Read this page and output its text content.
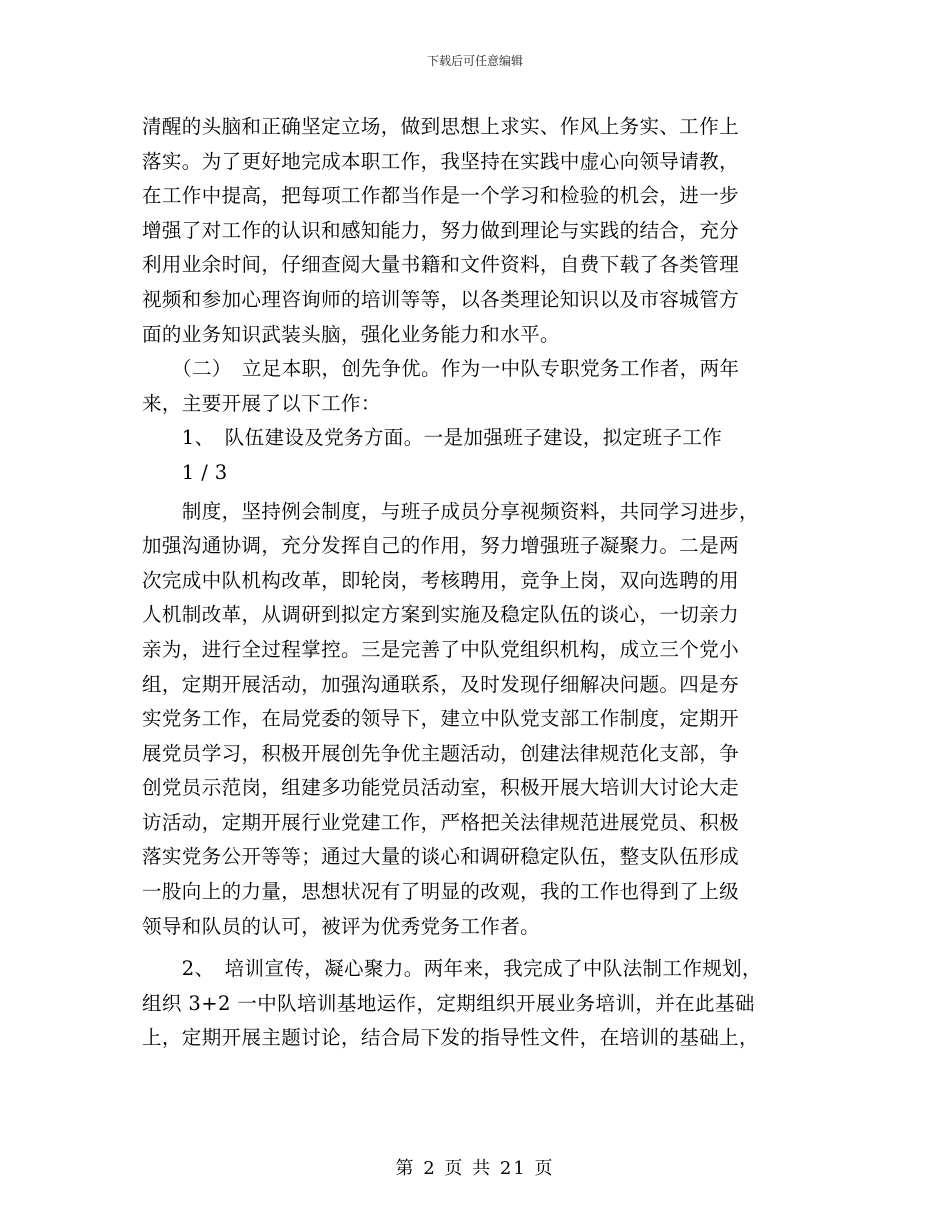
下载后可任意编辑
清醒的头脑和正确坚定立场，做到思想上求实、作风上务实、工作上
落实。为了更好地完成本职工作，我坚持在实践中虚心向领导请教，
在工作中提高，把每项工作都当作是一个学习和检验的机会，进一步
增强了对工作的认识和感知能力，努力做到理论与实践的结合，充分
利用业余时间，仔细查阅大量书籍和文件资料，自费下载了各类管理
视频和参加心理咨询师的培训等等，以各类理论知识以及市容城管方
面的业务知识武装头脑，强化业务能力和水平。
　　（二）　立足本职，创先争优。作为一中队专职党务工作者，两年
来，主要开展了以下工作：
　　1、　队伍建设及党务方面。一是加强班子建设，拟定班子工作
　　1 / 3
　　制度，坚持例会制度，与班子成员分享视频资料，共同学习进步，
加强沟通协调，充分发挥自己的作用，努力增强班子凝聚力。二是两
次完成中队机构改革，即轮岗，考核聘用，竞争上岗，双向选聘的用
人机制改革，从调研到拟定方案到实施及稳定队伍的谈心，一切亲力
亲为，进行全过程掌控。三是完善了中队党组织机构，成立三个党小
组，定期开展活动，加强沟通联系，及时发现仔细解决问题。四是夯
实党务工作，在局党委的领导下，建立中队党支部工作制度，定期开
展党员学习，积极开展创先争优主题活动，创建法律规范化支部，争
创党员示范岗，组建多功能党员活动室，积极开展大培训大讨论大走
访活动，定期开展行业党建工作，严格把关法律规范进展党员、积极
落实党务公开等等；通过大量的谈心和调研稳定队伍，整支队伍形成
一股向上的力量，思想状况有了明显的改观，我的工作也得到了上级
领导和队员的认可，被评为优秀党务工作者。
　　2、　培训宣传，凝心聚力。两年来，我完成了中队法制工作规划，
组织 3+2 一中队培训基地运作，定期组织开展业务培训，并在此基础
上，定期开展主题讨论，结合局下发的指导性文件，在培训的基础上，
第 2 页 共 21 页
